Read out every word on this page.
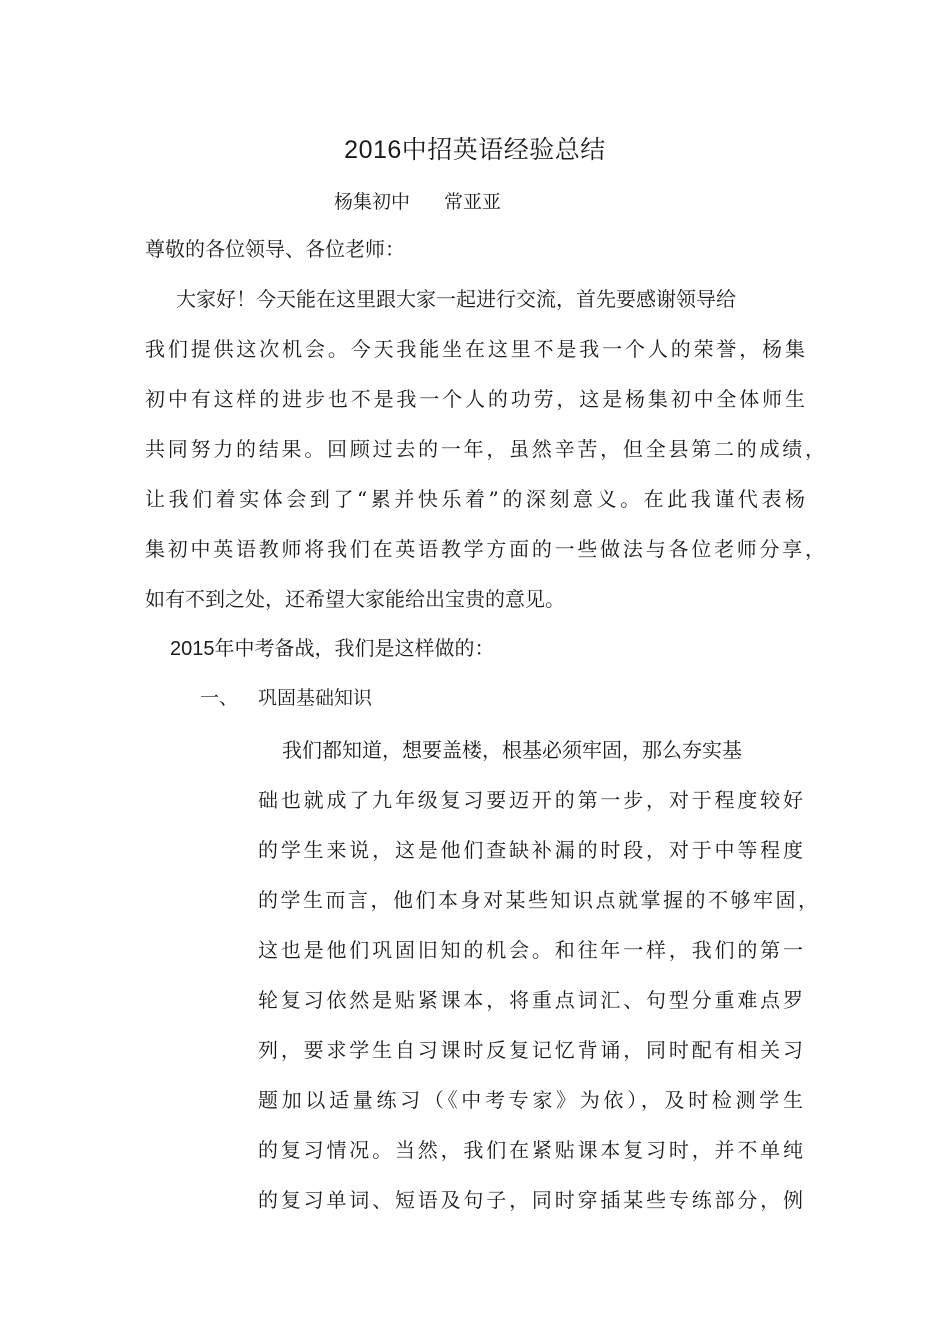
2016中招英语经验总结
杨集初中 常亚亚
尊敬的各位领导、各位老师：
大家好！今天能在这里跟大家一起进行交流，首先要感谢领导给
我们提供这次机会。今天我能坐在这里不是我一个人的荣誉，杨集
初中有这样的进步也不是我一个人的功劳，这是杨集初中全体师生
共同努力的结果。回顾过去的一年，虽然辛苦，但全县第二的成绩，
让我们着实体会到了“累并快乐着”的深刻意义。在此我谨代表杨
集初中英语教师将我们在英语教学方面的一些做法与各位老师分享，
如有不到之处，还希望大家能给出宝贵的意见。
2015年中考备战，我们是这样做的：
一、 巩固基础知识
我们都知道，想要盖楼，根基必须牢固，那么夯实基
础也就成了九年级复习要迈开的第一步，对于程度较好
的学生来说，这是他们查缺补漏的时段，对于中等程度
的学生而言，他们本身对某些知识点就掌握的不够牢固，
这也是他们巩固旧知的机会。和往年一样，我们的第一
轮复习依然是贴紧课本，将重点词汇、句型分重难点罗
列，要求学生自习课时反复记忆背诵，同时配有相关习
题加以适量练习（《中考专家》为依），及时检测学生
的复习情况。当然，我们在紧贴课本复习时，并不单纯
的复习单词、短语及句子，同时穿插某些专练部分，例
